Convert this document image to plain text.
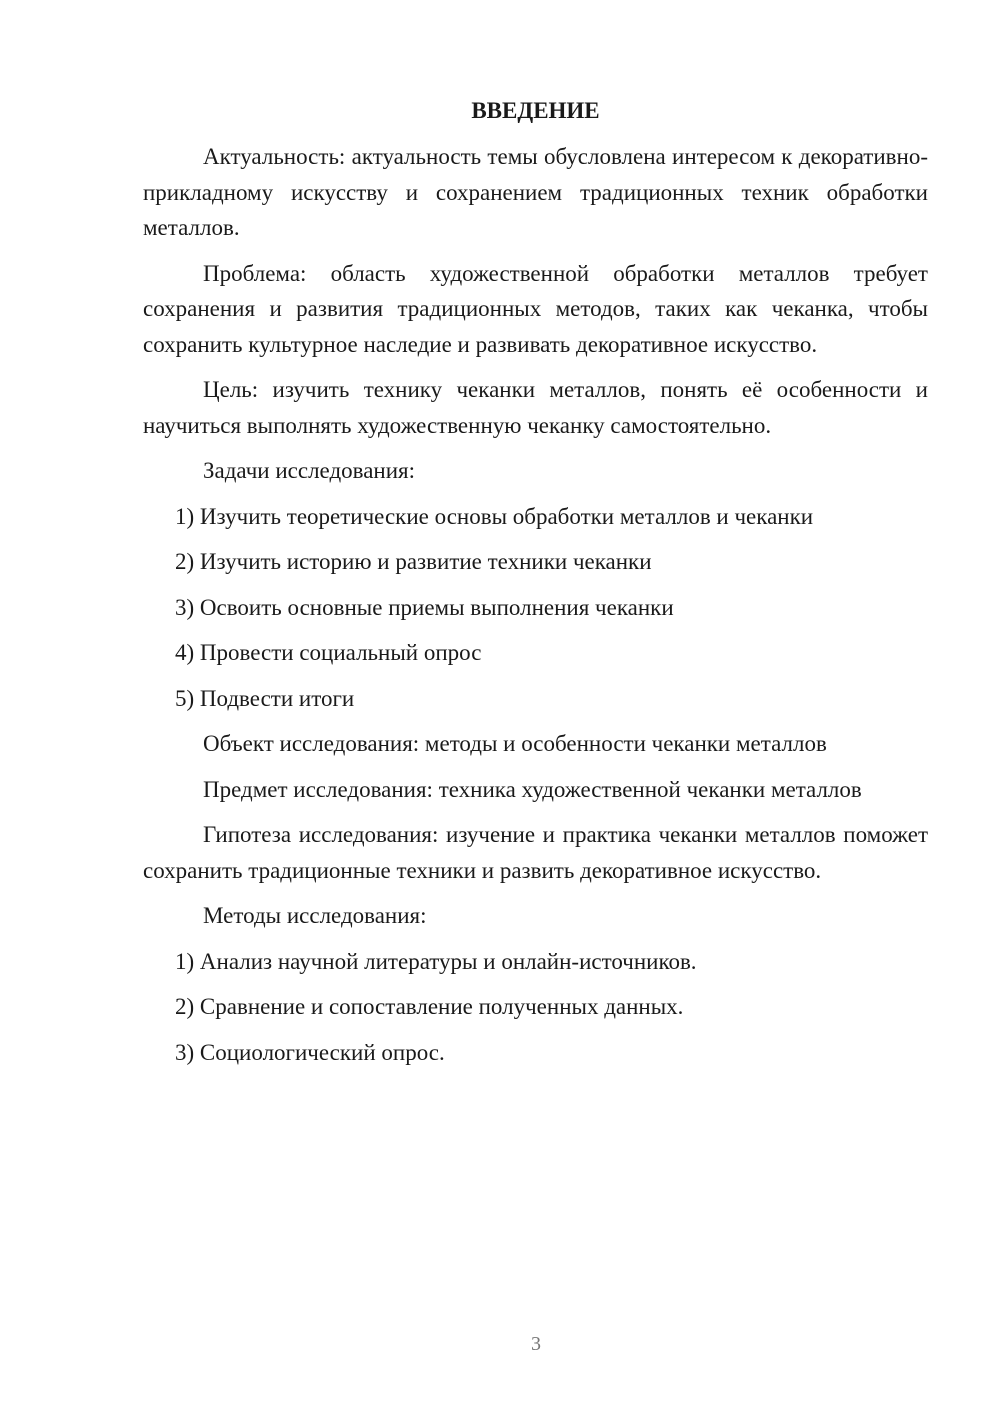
ВВЕДЕНИЕ

Актуальность: актуальность темы обусловлена интересом к декоративно-прикладному искусству и сохранением традиционных техник обработки металлов.

Проблема: область художественной обработки металлов требует сохранения и развития традиционных методов, таких как чеканка, чтобы сохранить культурное наследие и развивать декоративное искусство.

Цель: изучить технику чеканки металлов, понять её особенности и научиться выполнять художественную чеканку самостоятельно.

Задачи исследования:
1) Изучить теоретические основы обработки металлов и чеканки
2) Изучить историю и развитие техники чеканки
3) Освоить основные приемы выполнения чеканки
4) Провести социальный опрос
5) Подвести итоги
Объект исследования: методы и особенности чеканки металлов
Предмет исследования: техника художественной чеканки металлов

Гипотеза исследования: изучение и практика чеканки металлов поможет сохранить традиционные техники и развить декоративное искусство.

Методы исследования:
1) Анализ научной литературы и онлайн-источников.
2) Сравнение и сопоставление полученных данных.
3) Социологический опрос.
3
